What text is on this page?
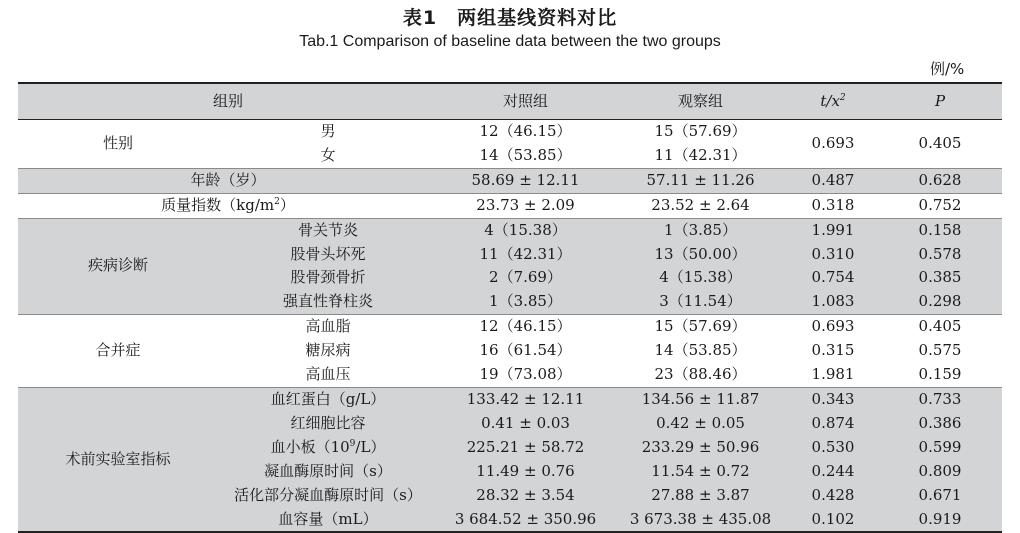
表1　两组基线资料对比
Tab.1 Comparison of baseline data between the two groups
例/%
组别		对照组	观察组	$t/x^2$	P
性别	男	12（46.15）	15（57.69）	0.693	0.405
	女	14（53.85）	11（42.31）		
年龄（岁）		58.69 ± 12.11	57.11 ± 11.26	0.487	0.628
质量指数$(kg/m^2)$		23.73 ± 2.09	23.52 ± 2.64	0.318	0.752
疾病诊断	骨关节炎	4（15.38）	1（3.85）	1.991	0.158
	股骨头坏死	11（42.31）	13（50.00）	0.310	0.578
	股骨颈骨折	2（7.69）	4（15.38）	0.754	0.385
	强直性脊柱炎	1（3.85）	3（11.54）	1.083	0.298
合并症	高血脂	12（46.15）	15（57.69）	0.693	0.405
	糖尿病	16（61.54）	14（53.85）	0.315	0.575
	高血压	19（73.08）	23（88.46）	1.981	0.159
术前实验室指标	血红蛋白（g/L）	133.42 ± 12.11	134.56 ± 11.87	0.343	0.733
	红细胞比容	0.41 ± 0.03	0.42 ± 0.05	0.874	0.386
	血小板$(10^9/L)$	225.21 ± 58.72	233.29 ± 50.96	0.530	0.599
	凝血酶原时间（s）	11.49 ± 0.76	11.54 ± 0.72	0.244	0.809
	活化部分凝血酶原时间（s）	28.32 ± 3.54	27.88 ± 3.87	0.428	0.671
	血容量（mL）	3 684.52 ± 350.96	3 673.38 ± 435.08	0.102	0.919
